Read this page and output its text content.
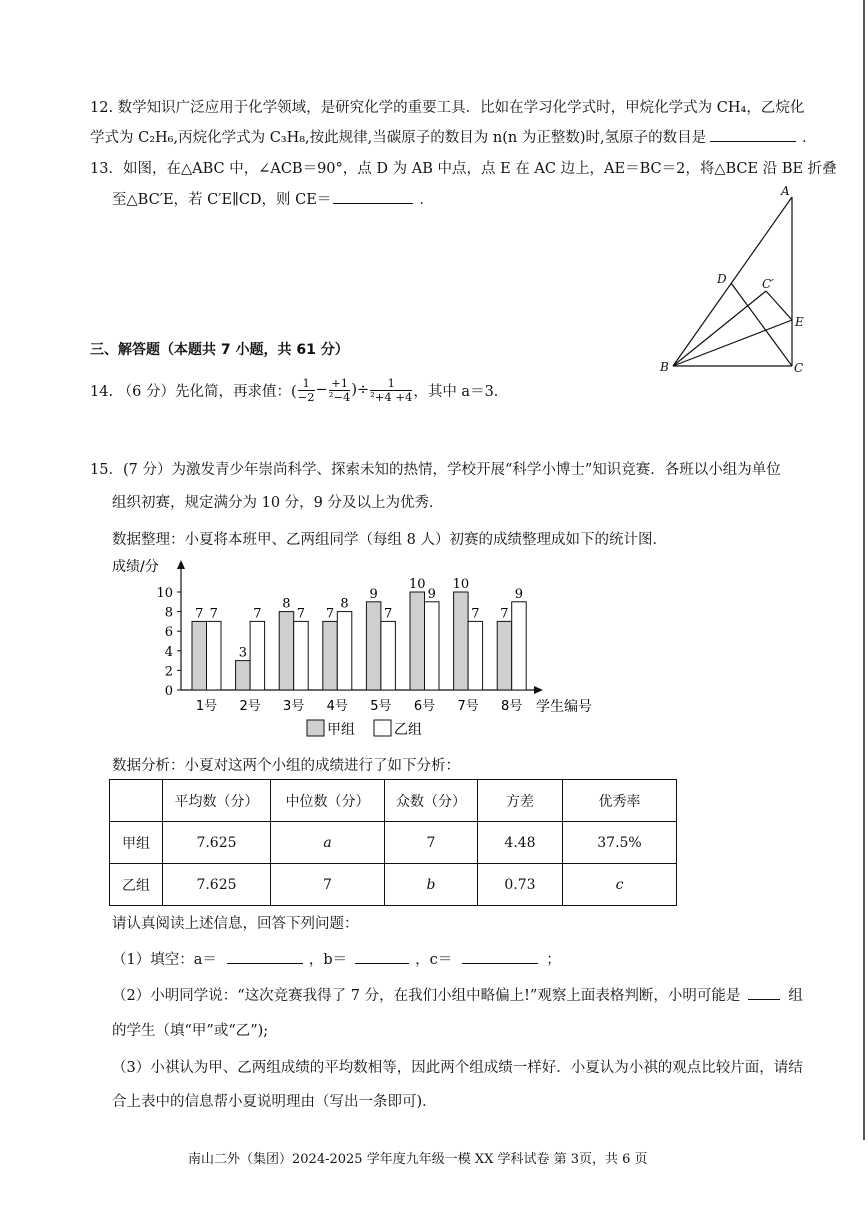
12. 数学知识广泛应用于化学领域，是研究化学的重要工具．比如在学习化学式时，甲烷化学式为 CH₄，乙烷化
学式为 C₂H₆,丙烷化学式为 C₃H₈,按此规律,当碳原子的数目为 n(n 为正整数)时,氢原子的数目是	．
13．如图，在△ABC 中，∠ACB＝90°，点 D 为 AB 中点，点 E 在 AC 边上，AE＝BC＝2，将△BCE 沿 BE 折叠
至△BC′E，若 C′E∥CD，则 CE＝	．
A
B	C
D
E
C′
三、解答题（本题共 7 小题，共 61 分）
14. （6 分）先化简，再求值：( $\frac{1}{-2} - \frac{+1}{\text{²−4}}$ )÷ $\frac{1}{\text{²+4 +4}}$ ，其中 a＝3．
15．(7 分）为激发青少年崇尚科学、探索未知的热情，学校开展“科学小博士”知识竞赛．各班以小组为单位
组织初赛，规定满分为 10 分，9 分及以上为优秀．
数据整理：小夏将本班甲、乙两组同学（每组 8 人）初赛的成绩整理成如下的统计图．
成绩/分
学生编号
0
2
4
6
8
10
7 7
1号
3
7
2号
8
7
3号
7
8
4号
9
7
5号
10
9
6号
10
7
7号
7
9
8号
甲组	乙组
数据分析：小夏对这两个小组的成绩进行了如下分析：
	平均数（分）	中位数（分）	众数（分）	方差	优秀率
甲组	7.625	a	7	4.48	37.5%
乙组	7.625	7	b	0.73	c
请认真阅读上述信息，回答下列问题：
（1）填空：a＝	，b＝	，c＝	；
（2）小明同学说：“这次竞赛我得了 7 分，在我们小组中略偏上!”观察上面表格判断，小明可能是	组
的学生（填“甲”或“乙”);
（3）小祺认为甲、乙两组成绩的平均数相等，因此两个组成绩一样好．小夏认为小祺的观点比较片面，请结
合上表中的信息帮小夏说明理由（写出一条即可)．
南山二外（集团）2024-2025 学年度九年级一模 XX 学科试卷 第 3页，共 6 页
